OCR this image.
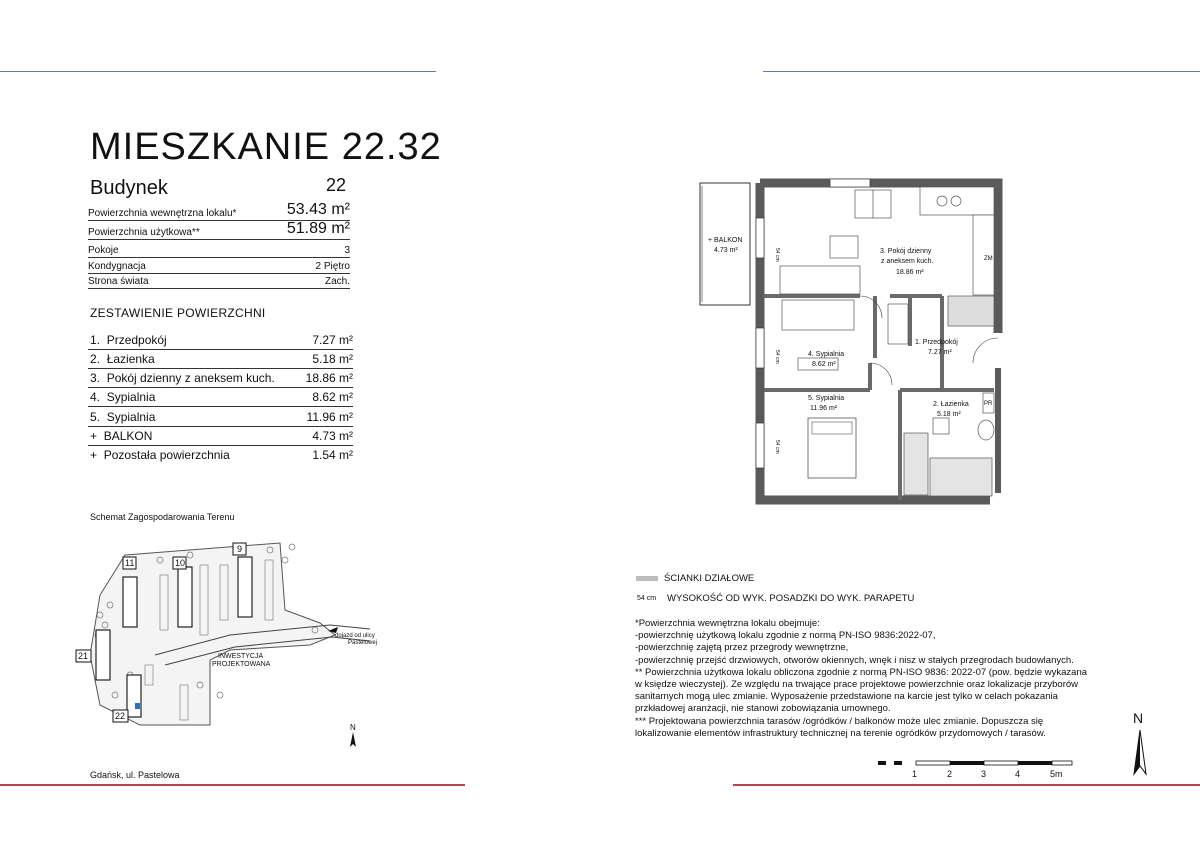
MIESZKANIE 22.32
Budynek	22
Powierzchnia wewnętrzna lokalu*	53.43 m²
Powierzchnia użytkowa**	51.89 m²
Pokoje	3
Kondygnacja	2 Piętro
Strona świata	Zach.
ZESTAWIENIE POWIERZCHNI
1. Przedpokój	7.27 m²
2. Łazienka	5.18 m²
3. Pokój dzienny z aneksem kuch.	18.86 m²
4. Sypialnia	8.62 m²
5. Sypialnia	11.96 m²
+ BALKON	4.73 m²
+ Pozostała powierzchnia	1.54 m²
Schemat Zagospodarowania Terenu
11	10
9
21
22
INWESTYCJA
PROJEKTOWANA
dojazd od ulicy
Pastelowej
N
Gdańsk, ul. Pastelowa
+ BALKON
4.73 m²
ZM
3. Pokój dzienny
z aneksem kuch.
18.86 m²
1. Przedpokój
7.27 m²
4. Sypialnia
8.62 m²
5. Sypialnia
11.96 m²
PR
2. Łazienka
5.18 m²
54 cm
54 cm
54 cm
ŚCIANKI DZIAŁOWE
54 cm WYSOKOŚĆ OD WYK. POSADZKI DO WYK. PARAPETU
*Powierzchnia wewnętrzna lokalu obejmuje:
-powierzchnię użytkową lokalu zgodnie z normą PN-ISO 9836:2022-07,
-powierzchnię zajętą przez przegrody wewnętrzne,
-powierzchnię przejść drzwiowych, otworów okiennych, wnęk i nisz w stałych przegrodach budowlanych.
** Powierzchnia użytkowa lokalu obliczona zgodnie z normą PN-ISO 9836: 2022-07 (pow. będzie wykazana
w księdze wieczystej). Ze względu na trwające prace projektowe powierzchnie oraz lokalizacje przyborów
sanitarnych mogą ulec zmianie. Wyposażenie przedstawione na karcie jest tylko w celach pokazania
przkładowej aranżacji, nie stanowi zobowiązania umownego.
*** Projektowana powierzchnia tarasów /ogródków / balkonów może ulec zmianie. Dopuszcza się
lokalizowanie elementów infrastruktury technicznej na terenie ogródków przydomowych / tarasów.
1	2	3	4	5m
N
